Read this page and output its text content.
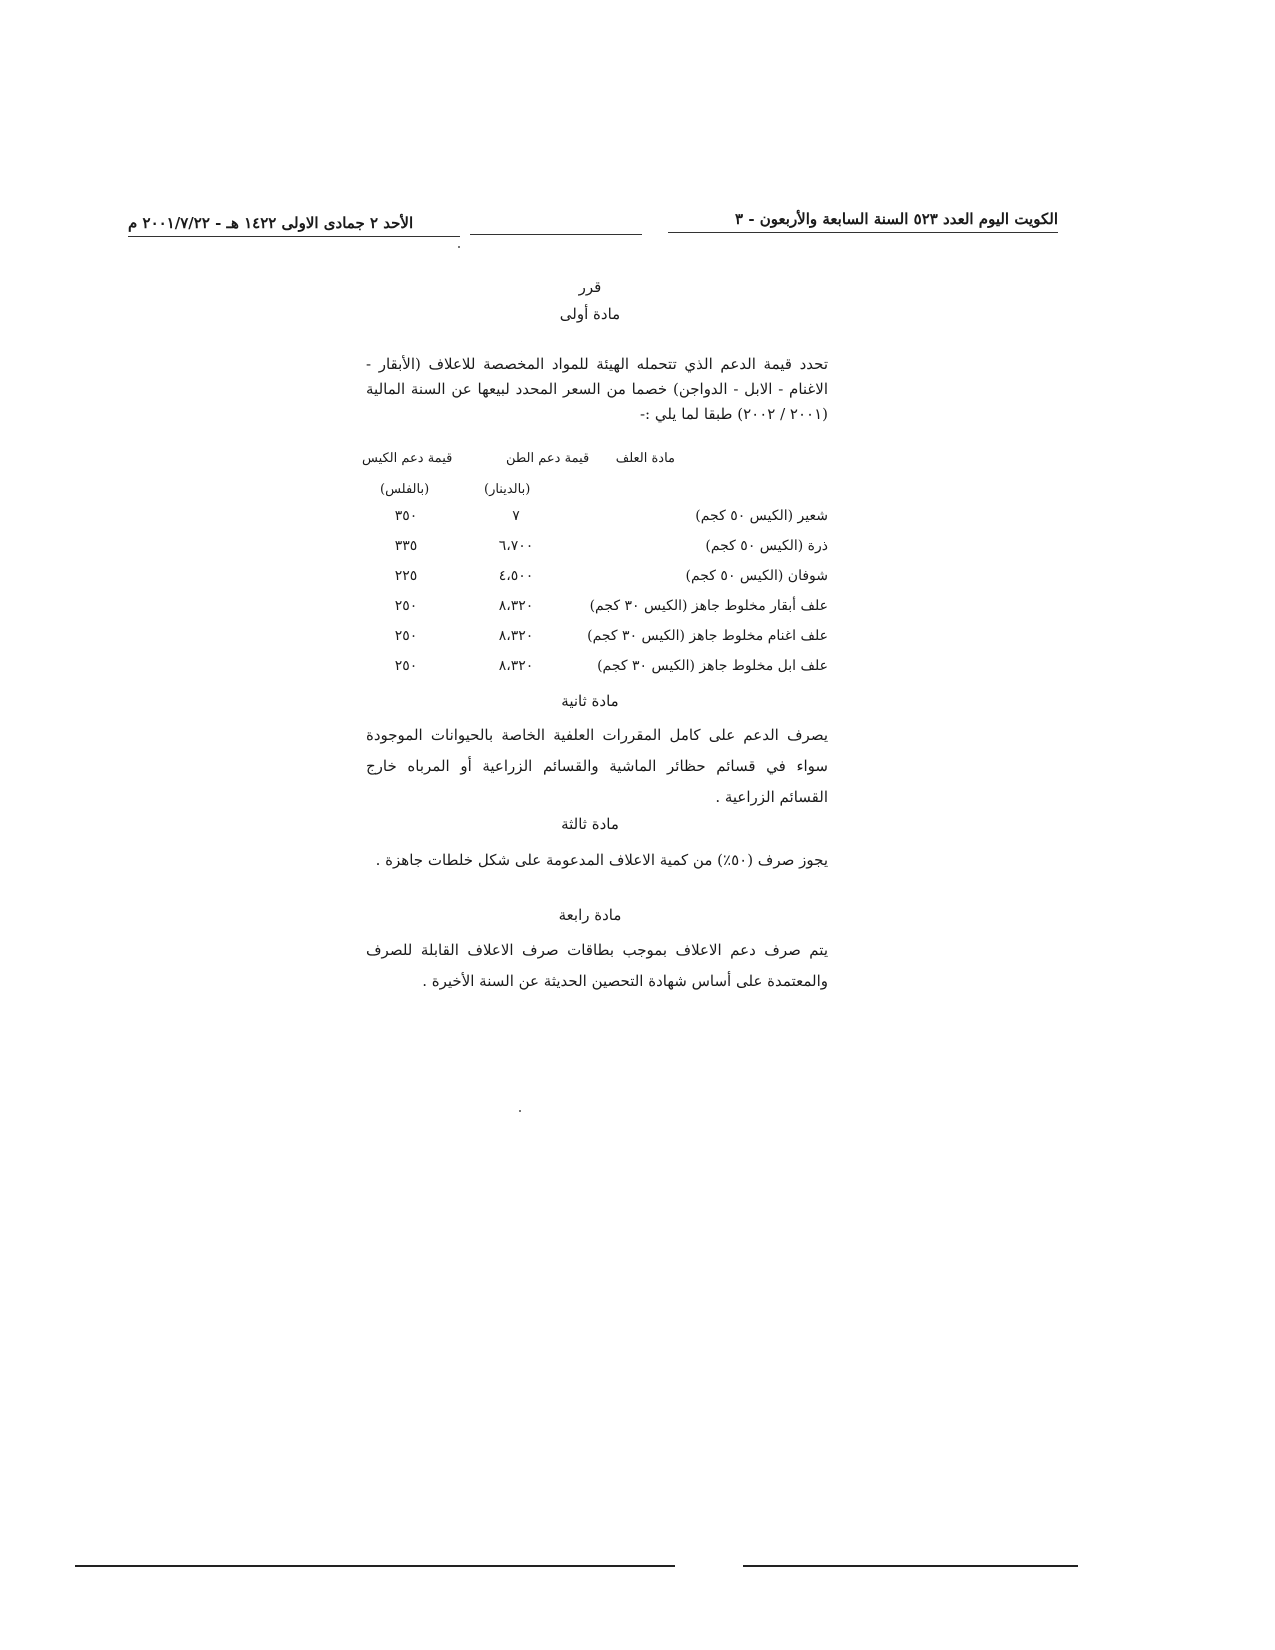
الكويت اليوم العدد ٥٢٣ السنة السابعة والأربعون - ٣
الأحد ٢ جمادى الاولى ١٤٢٢ هـ - ٢٠٠١/٧/٢٢ م
قرر
مادة أولى
تحدد قيمة الدعم الذي تتحمله الهيئة للمواد المخصصة للاعلاف (الأبقار - الاغنام - الابل - الدواجن) خصما من السعر المحدد لبيعها عن السنة المالية (٢٠٠١ / ٢٠٠٢) طبقا لما يلي :-
مادة العلف
قيمة دعم الطن
قيمة دعم الكيس
(بالدينار)
(بالفلس)
شعير (الكيس ٥٠ كجم)
٧
٣٥٠
ذرة (الكيس ٥٠ كجم)
٦،٧٠٠
٣٣٥
شوفان (الكيس ٥٠ كجم)
٤،٥٠٠
٢٢٥
علف أبقار مخلوط جاهز (الكيس ٣٠ كجم)
٨،٣٢٠
٢٥٠
علف اغنام مخلوط جاهز (الكيس ٣٠ كجم)
٨،٣٢٠
٢٥٠
علف ابل مخلوط جاهز (الكيس ٣٠ كجم)
٨،٣٢٠
٢٥٠
مادة ثانية
يصرف الدعم على كامل المقررات العلفية الخاصة بالحيوانات الموجودة سواء في قسائم حظائر الماشية والقسائم الزراعية أو المرباه خارج القسائم الزراعية .
مادة ثالثة
يجوز صرف (٥٠٪) من كمية الاعلاف المدعومة على شكل خلطات جاهزة .
مادة رابعة
يتم صرف دعم الاعلاف بموجب بطاقات صرف الاعلاف القابلة للصرف والمعتمدة على أساس شهادة التحصين الحديثة عن السنة الأخيرة .
